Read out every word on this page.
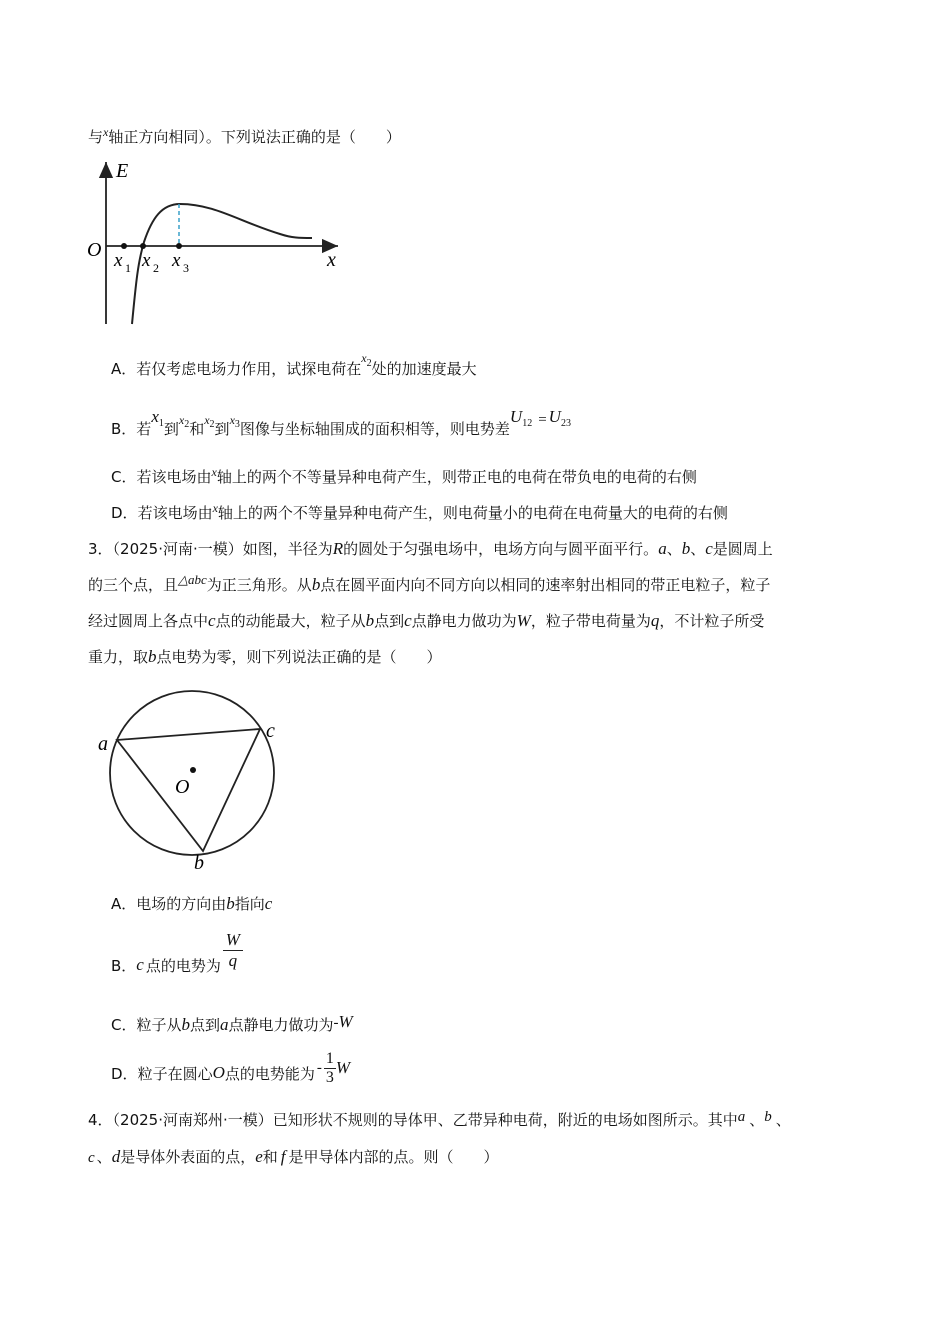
与$^x$轴正方向相同）。下列说法正确的是（　　）
E
x
O x 1 x 2 x 3
A．若仅考虑电场力作用，试探电荷在$^{x2}$处的加速度最大
B．若$x^1$到$^{x2}$和$^{x2}$到$^{x3}$图像与坐标轴围成的面积相等，则电势差$U^{12} = U^{23}$
C．若该电场由$^x$轴上的两个不等量异种电荷产生，则带正电的电荷在带负电的电荷的右侧
D．若该电场由$^x$轴上的两个不等量异种电荷产生，则电荷量小的电荷在电荷量大的电荷的右侧
3．（2025·河南·一模）如图，半径为R的圆处于匀强电场中，电场方向与圆平面平行。a、b、c是圆周上
的三个点，且△abc为正三角形。从b点在圆平面内向不同方向以相同的速率射出相同的带正电粒子，粒子
经过圆周上各点中c点的动能最大，粒子从b点到c点静电力做功为W，粒子带电荷量为q，不计粒子所受
重力，取b点电势为零，则下列说法正确的是（　　）
a
c
b
O
A．电场的方向由b指向c
B． c 点的电势为
W
q
C．粒子从b点到a点静电力做功为-W
D． 粒子在圆心 O 点的电势能为 -
1
3 W
4．（2025·河南郑州·一模）已知形状不规则的导体甲、乙带异种电荷，附近的电场如图所示。其中a 、b 、
c 、d是导体外表面的点，e和 f 是甲导体内部的点。则（　　）
